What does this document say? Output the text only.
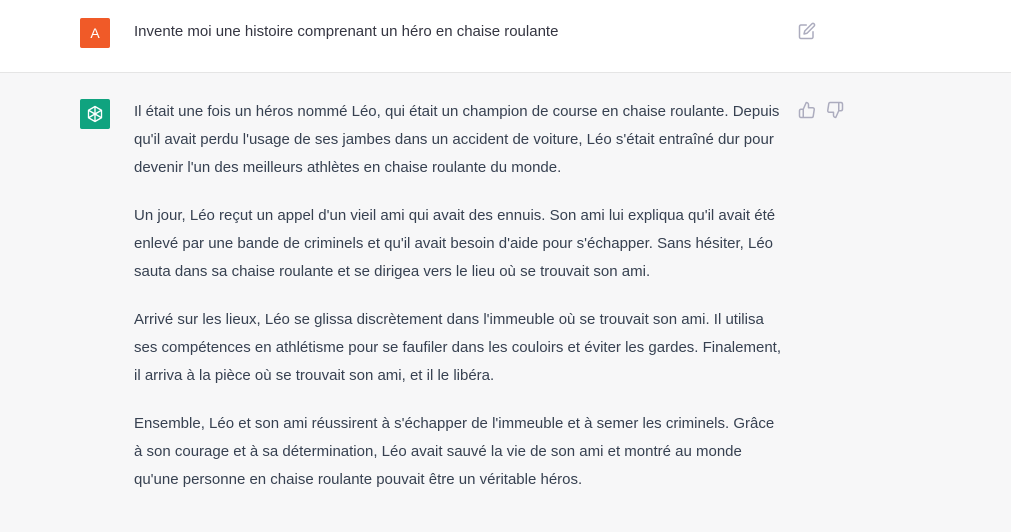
A Invente moi une histoire comprenant un héro en chaise roulante

Il était une fois un héros nommé Léo, qui était un champion de course en chaise roulante. Depuis qu'il avait perdu l'usage de ses jambes dans un accident de voiture, Léo s'était entraîné dur pour devenir l'un des meilleurs athlètes en chaise roulante du monde.

Un jour, Léo reçut un appel d'un vieil ami qui avait des ennuis. Son ami lui expliqua qu'il avait été enlevé par une bande de criminels et qu'il avait besoin d'aide pour s'échapper. Sans hésiter, Léo sauta dans sa chaise roulante et se dirigea vers le lieu où se trouvait son ami.

Arrivé sur les lieux, Léo se glissa discrètement dans l'immeuble où se trouvait son ami. Il utilisa ses compétences en athlétisme pour se faufiler dans les couloirs et éviter les gardes. Finalement, il arriva à la pièce où se trouvait son ami, et il le libéra.

Ensemble, Léo et son ami réussirent à s'échapper de l'immeuble et à semer les criminels. Grâce à son courage et à sa détermination, Léo avait sauvé la vie de son ami et montré au monde qu'une personne en chaise roulante pouvait être un véritable héros.
